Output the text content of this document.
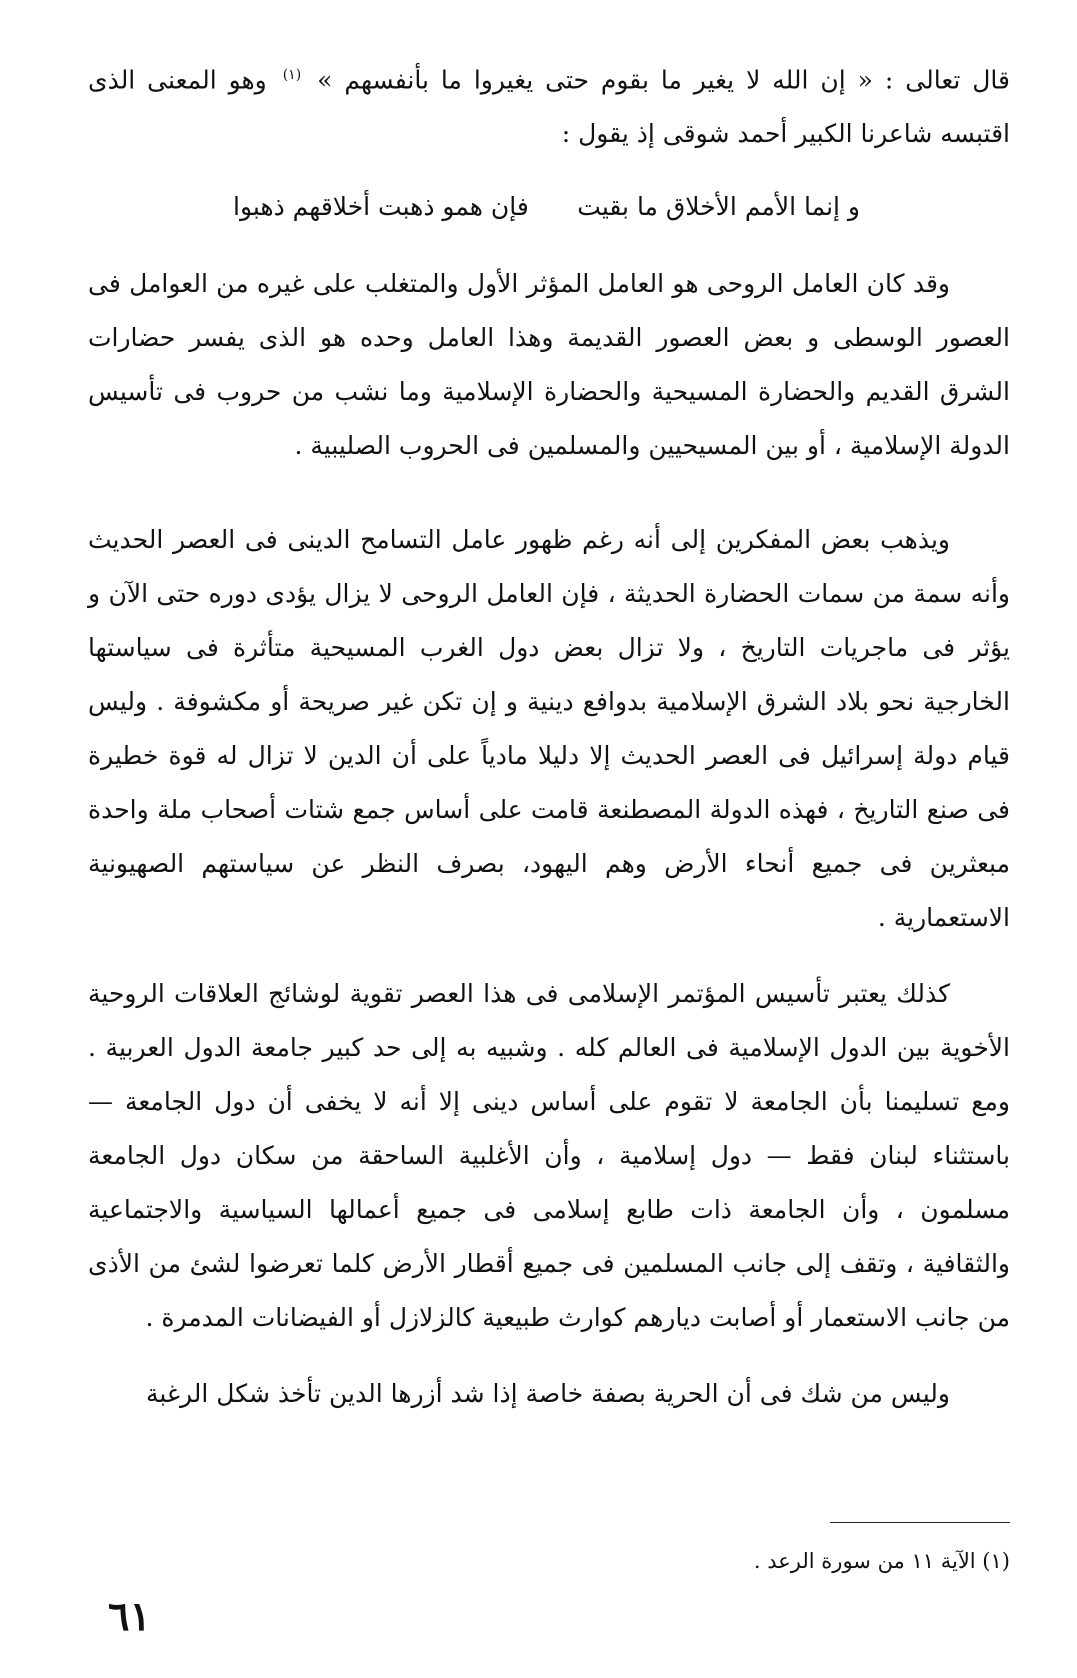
قال تعالى : « إن الله لا يغير ما بقوم حتى يغيروا ما بأنفسهم » $^{(١)}$ وهو المعنى الذى اقتبسه شاعرنا الكبير أحمد شوقى إذ يقول :

و إنما الأمم الأخلاق ما بقيت
فإن همو ذهبت أخلاقهم ذهبوا

وقد كان العامل الروحى هو العامل المؤثر الأول والمتغلب على غيره من العوامل فى العصور الوسطى و بعض العصور القديمة وهذا العامل وحده هو الذى يفسر حضارات الشرق القديم والحضارة المسيحية والحضارة الإسلامية وما نشب من حروب فى تأسيس الدولة الإسلامية ، أو بين المسيحيين والمسلمين فى الحروب الصليبية .

ويذهب بعض المفكرين إلى أنه رغم ظهور عامل التسامح الدينى فى العصر الحديث وأنه سمة من سمات الحضارة الحديثة ، فإن العامل الروحى لا يزال يؤدى دوره حتى الآن و يؤثر فى ماجريات التاريخ ، ولا تزال بعض دول الغرب المسيحية متأثرة فى سياستها الخارجية نحو بلاد الشرق الإسلامية بدوافع دينية و إن تكن غير صريحة أو مكشوفة . وليس قيام دولة إسرائيل فى العصر الحديث إلا دليلا مادياً على أن الدين لا تزال له قوة خطيرة فى صنع التاريخ ، فهذه الدولة المصطنعة قامت على أساس جمع شتات أصحاب ملة واحدة مبعثرين فى جميع أنحاء الأرض وهم اليهود، بصرف النظر عن سياستهم الصهيونية الاستعمارية .

كذلك يعتبر تأسيس المؤتمر الإسلامى فى هذا العصر تقوية لوشائج العلاقات الروحية الأخوية بين الدول الإسلامية فى العالم كله . وشبيه به إلى حد كبير جامعة الدول العربية . ومع تسليمنا بأن الجامعة لا تقوم على أساس دينى إلا أنه لا يخفى أن دول الجامعة — باستثناء لبنان فقط — دول إسلامية ، وأن الأغلبية الساحقة من سكان دول الجامعة مسلمون ، وأن الجامعة ذات طابع إسلامى فى جميع أعمالها السياسية والاجتماعية والثقافية ، وتقف إلى جانب المسلمين فى جميع أقطار الأرض كلما تعرضوا لشئ من الأذى من جانب الاستعمار أو أصابت ديارهم كوارث طبيعية كالزلازل أو الفيضانات المدمرة .

وليس من شك فى أن الحرية بصفة خاصة إذا شد أزرها الدين تأخذ شكل الرغبة

(١) الآية ١١ من سورة الرعد .
٦١
